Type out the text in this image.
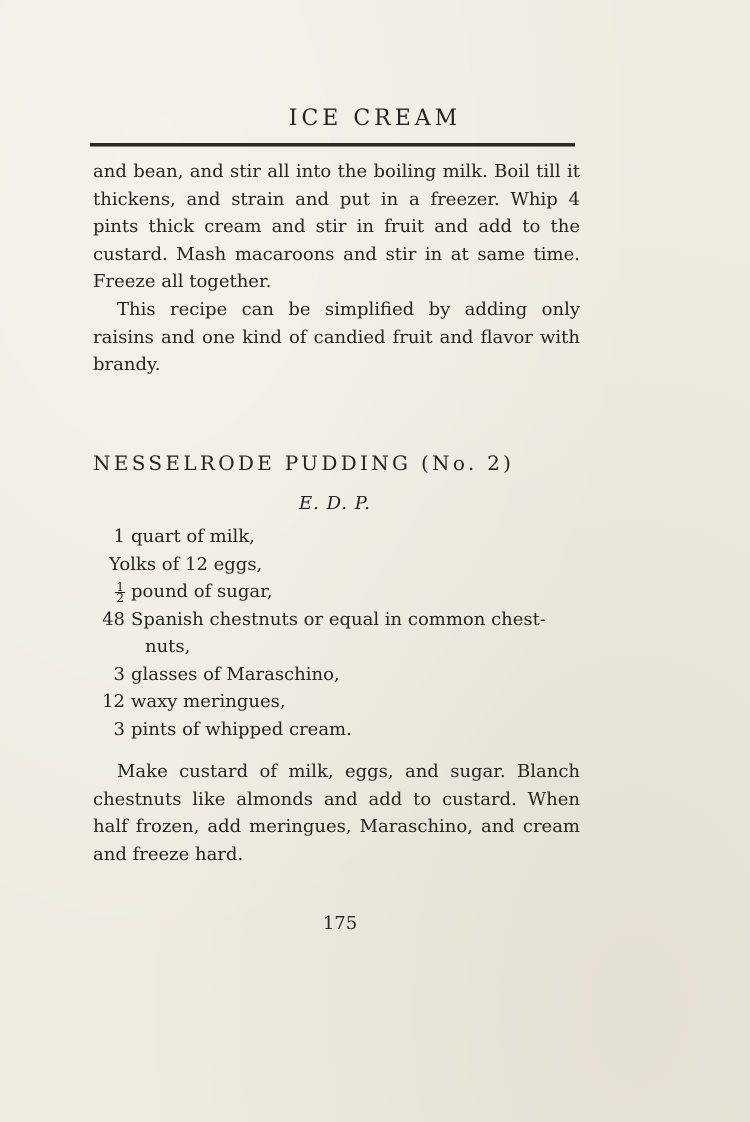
ICE CREAM

and bean, and stir all into the boiling milk. Boil till it thickens, and strain and put in a freezer. Whip 4 pints thick cream and stir in fruit and add to the custard. Mash macaroons and stir in at same time. Freeze all together.

This recipe can be simplified by adding only raisins and one kind of candied fruit and flavor with brandy.

NESSELRODE PUDDING (No. 2)
E. D. P.
1 quart of milk,
Yolks of 12 eggs,
$\frac{1}{2}$ pound of sugar,
48 Spanish chestnuts or equal in common chest-
nuts,
3 glasses of Maraschino,
12 waxy meringues,
3 pints of whipped cream.

Make custard of milk, eggs, and sugar. Blanch chestnuts like almonds and add to custard. When half frozen, add meringues, Maraschino, and cream and freeze hard.

175
